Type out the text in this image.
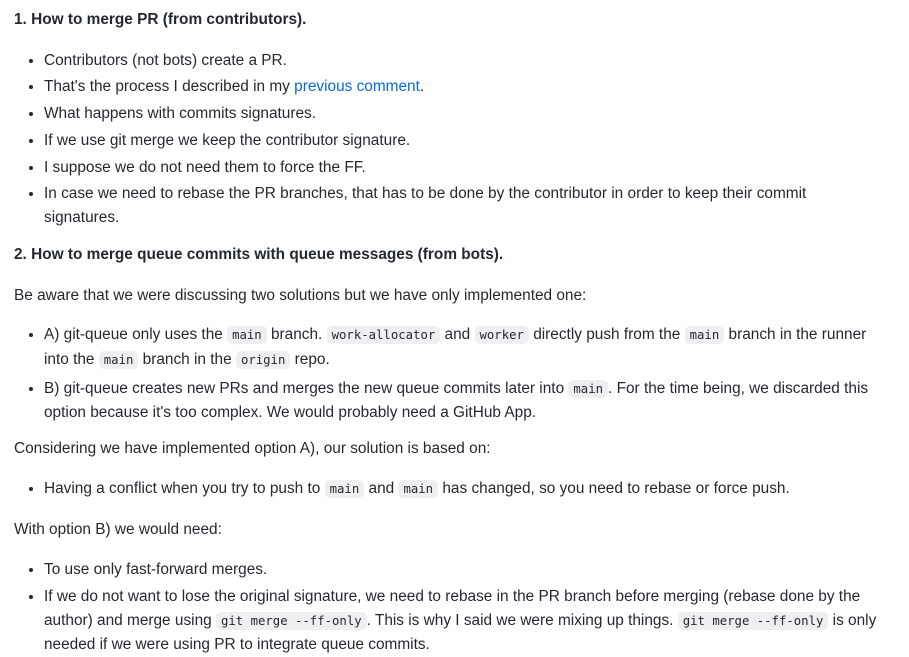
1. How to merge PR (from contributors).

• Contributors (not bots) create a PR.
• That's the process I described in my previous comment.
• What happens with commits signatures.
• If we use git merge we keep the contributor signature.
• I suppose we do not need them to force the FF.
• In case we need to rebase the PR branches, that has to be done by the contributor in order to keep their commit signatures.

2. How to merge queue commits with queue messages (from bots).

Be aware that we were discussing two solutions but we have only implemented one:

• A) git-queue only uses the main branch. work-allocator and worker directly push from the main branch in the runner into the main branch in the origin repo.
• B) git-queue creates new PRs and merges the new queue commits later into main . For the time being, we discarded this option because it's too complex. We would probably need a GitHub App.

Considering we have implemented option A), our solution is based on:

• Having a conflict when you try to push to main and main has changed, so you need to rebase or force push.

With option B) we would need:

• To use only fast-forward merges.
• If we do not want to lose the original signature, we need to rebase in the PR branch before merging (rebase done by the author) and merge using git merge --ff-only . This is why I said we were mixing up things. git merge --ff-only is only needed if we were using PR to integrate queue commits.
